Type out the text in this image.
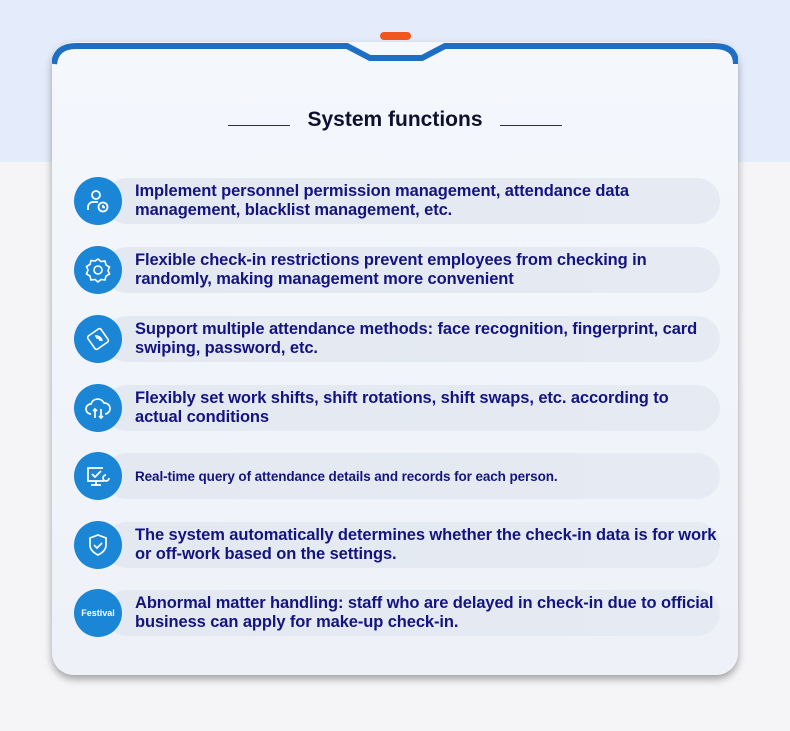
System functions
Implement personnel permission management, attendance data management, blacklist management, etc.
Flexible check-in restrictions prevent employees from checking in randomly, making management more convenient
Support multiple attendance methods: face recognition, fingerprint, card swiping, password, etc.
Flexibly set work shifts, shift rotations, shift swaps, etc. according to actual conditions
Real-time query of attendance details and records for each person.
The system automatically determines whether the check-in data is for work or off-work based on the settings.
Festival
Abnormal matter handling: staff who are delayed in check-in due to official business can apply for make-up check-in.
